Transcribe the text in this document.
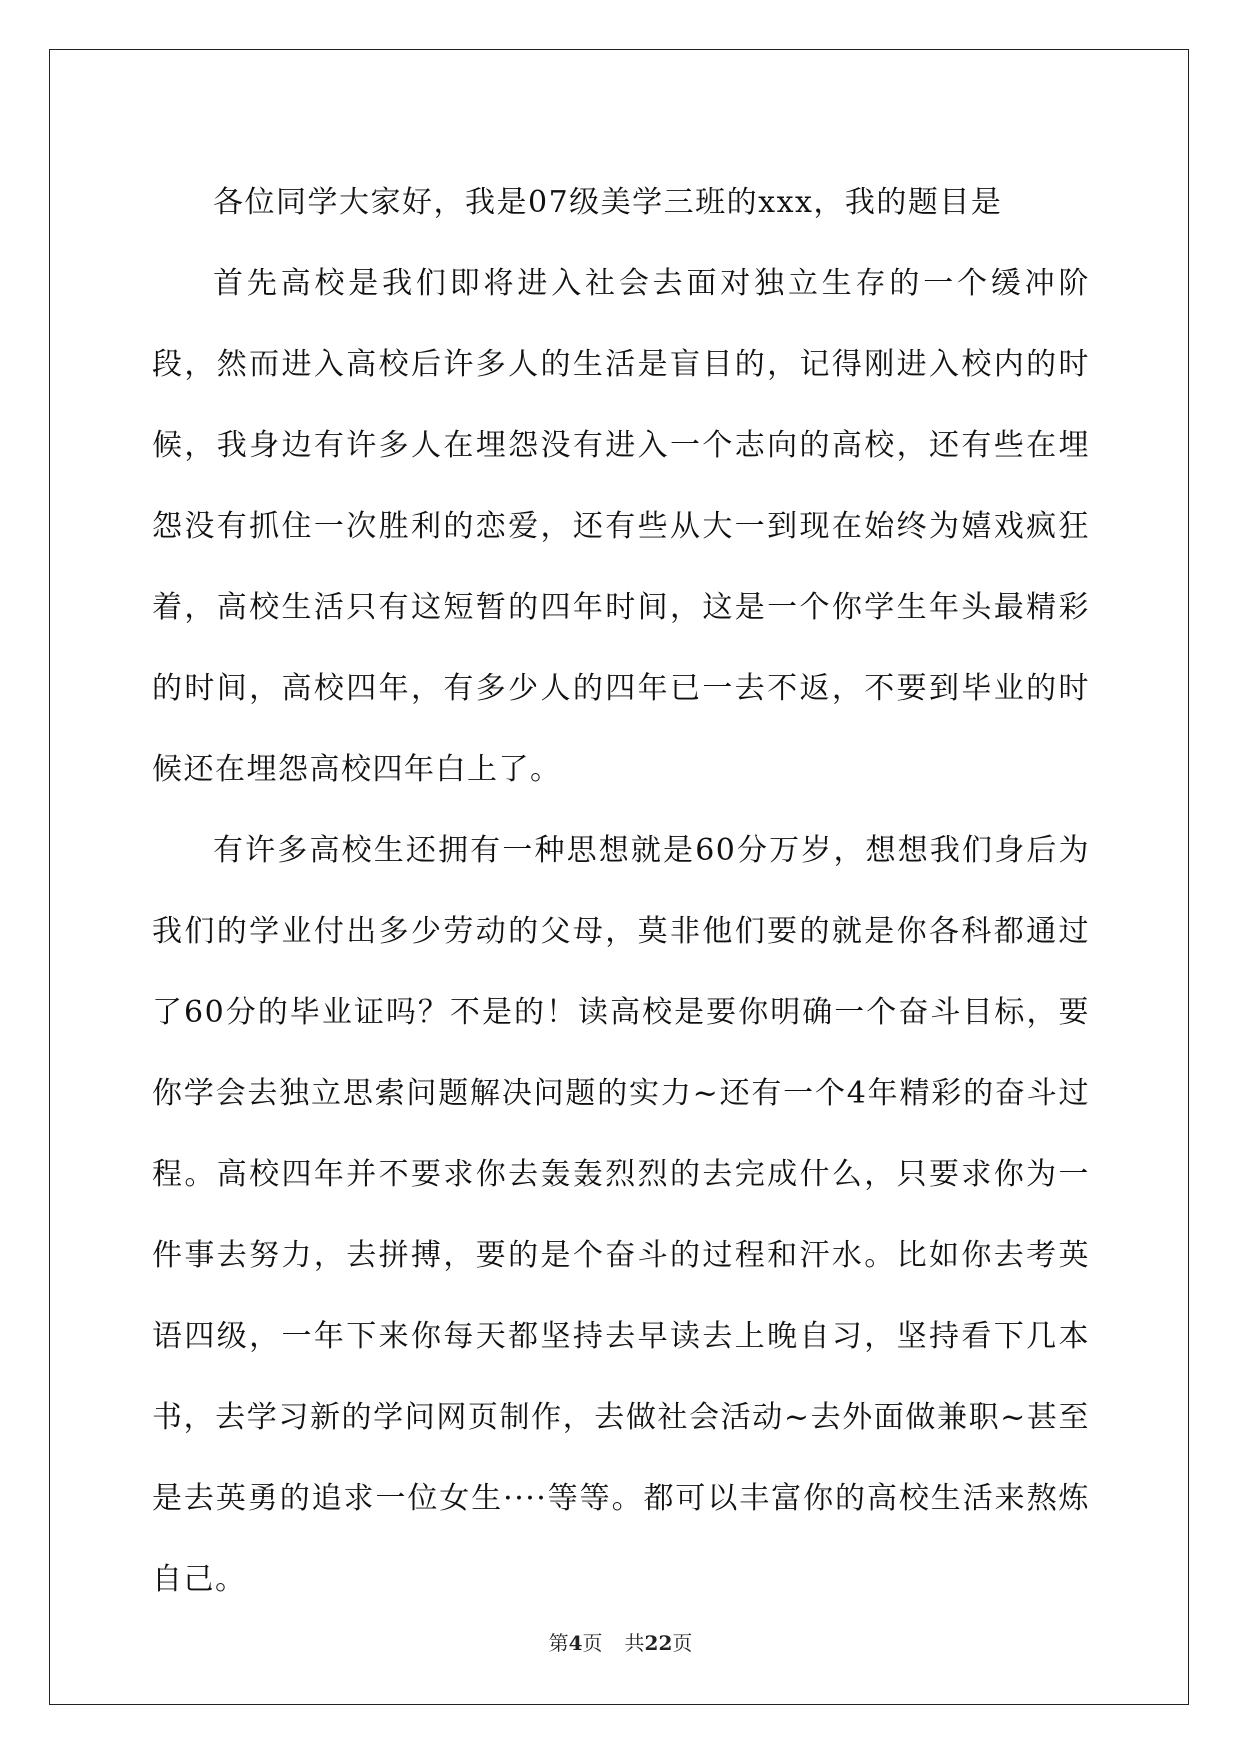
各位同学大家好，我是07级美学三班的xxx，我的题目是

首先高校是我们即将进入社会去面对独立生存的一个缓冲阶段，然而进入高校后许多人的生活是盲目的，记得刚进入校内的时候，我身边有许多人在埋怨没有进入一个志向的高校，还有些在埋怨没有抓住一次胜利的恋爱，还有些从大一到现在始终为嬉戏疯狂着，高校生活只有这短暂的四年时间，这是一个你学生年头最精彩的时间，高校四年，有多少人的四年已一去不返，不要到毕业的时候还在埋怨高校四年白上了。

有许多高校生还拥有一种思想就是60分万岁，想想我们身后为我们的学业付出多少劳动的父母，莫非他们要的就是你各科都通过了60分的毕业证吗？不是的！读高校是要你明确一个奋斗目标，要你学会去独立思索问题解决问题的实力~还有一个4年精彩的奋斗过程。高校四年并不要求你去轰轰烈烈的去完成什么，只要求你为一件事去努力，去拼搏，要的是个奋斗的过程和汗水。比如你去考英语四级，一年下来你每天都坚持去早读去上晚自习，坚持看下几本书，去学习新的学问网页制作，去做社会活动~去外面做兼职~甚至是去英勇的追求一位女生····等等。都可以丰富你的高校生活来熬炼自己。

第4页 共22页
